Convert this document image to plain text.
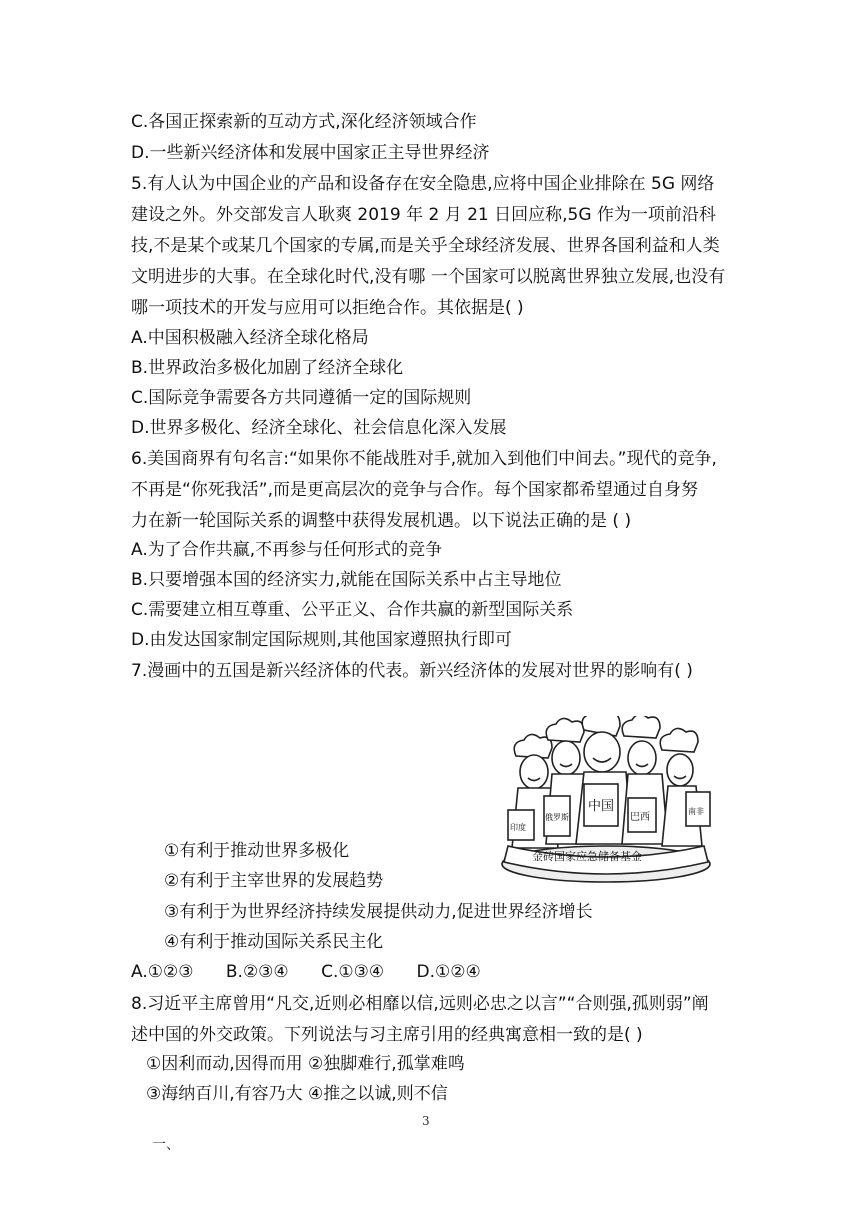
C.各国正探索新的互动方式,深化经济领域合作
D.一些新兴经济体和发展中国家正主导世界经济
5.有人认为中国企业的产品和设备存在安全隐患,应将中国企业排除在 5G 网络
建设之外。外交部发言人耿爽 2019 年 2 月 21 日回应称,5G 作为一项前沿科
技,不是某个或某几个国家的专属,而是关乎全球经济发展、世界各国利益和人类
文明进步的大事。在全球化时代,没有哪 一个国家可以脱离世界独立发展,也没有
哪一项技术的开发与应用可以拒绝合作。其依据是( )
A.中国积极融入经济全球化格局
B.世界政治多极化加剧了经济全球化
C.国际竞争需要各方共同遵循一定的国际规则
D.世界多极化、经济全球化、社会信息化深入发展
6.美国商界有句名言:“如果你不能战胜对手,就加入到他们中间去。”现代的竞争,
不再是“你死我活”,而是更高层次的竞争与合作。每个国家都希望通过自身努
力在新一轮国际关系的调整中获得发展机遇。以下说法正确的是 ( )
A.为了合作共赢,不再参与任何形式的竞争
B.只要增强本国的经济实力,就能在国际关系中占主导地位
C.需要建立相互尊重、公平正义、合作共赢的新型国际关系
D.由发达国家制定国际规则,其他国家遵照执行即可
7.漫画中的五国是新兴经济体的代表。新兴经济体的发展对世界的影响有( )
印度
俄罗斯
中国
巴西
南非
金砖国家应急储备基金
①有利于推动世界多极化
②有利于主宰世界的发展趋势
③有利于为世界经济持续发展提供动力,促进世界经济增长
④有利于推动国际关系民主化
A.①②③      B.②③④      C.①③④      D.①②④
8.习近平主席曾用“凡交,近则必相靡以信,远则必忠之以言”“合则强,孤则弱”阐
述中国的外交政策。下列说法与习主席引用的经典寓意相一致的是( )
①因利而动,因得而用 ②独脚难行,孤掌难鸣
③海纳百川,有容乃大 ④推之以诚,则不信
3
一、
